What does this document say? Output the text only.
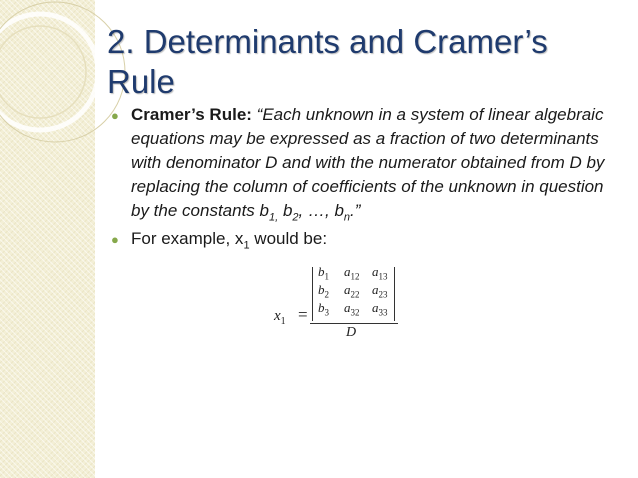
2. Determinants and Cramer’s Rule

● Cramer’s Rule: “Each unknown in a system of linear algebraic equations may be expressed as a fraction of two determinants with denominator D and with the numerator obtained from D by replacing the column of coefficients of the unknown in question by the constants $b_{1,}$ $b_2$, …, $b_n$.”

● For example, $x_1$ would be:

$x_1$ =
$b_1$ $a_{12}$ $a_{13}$
$b_2$ $a_{22}$ $a_{23}$
$b_3$ $a_{32}$ $a_{33}$
D
